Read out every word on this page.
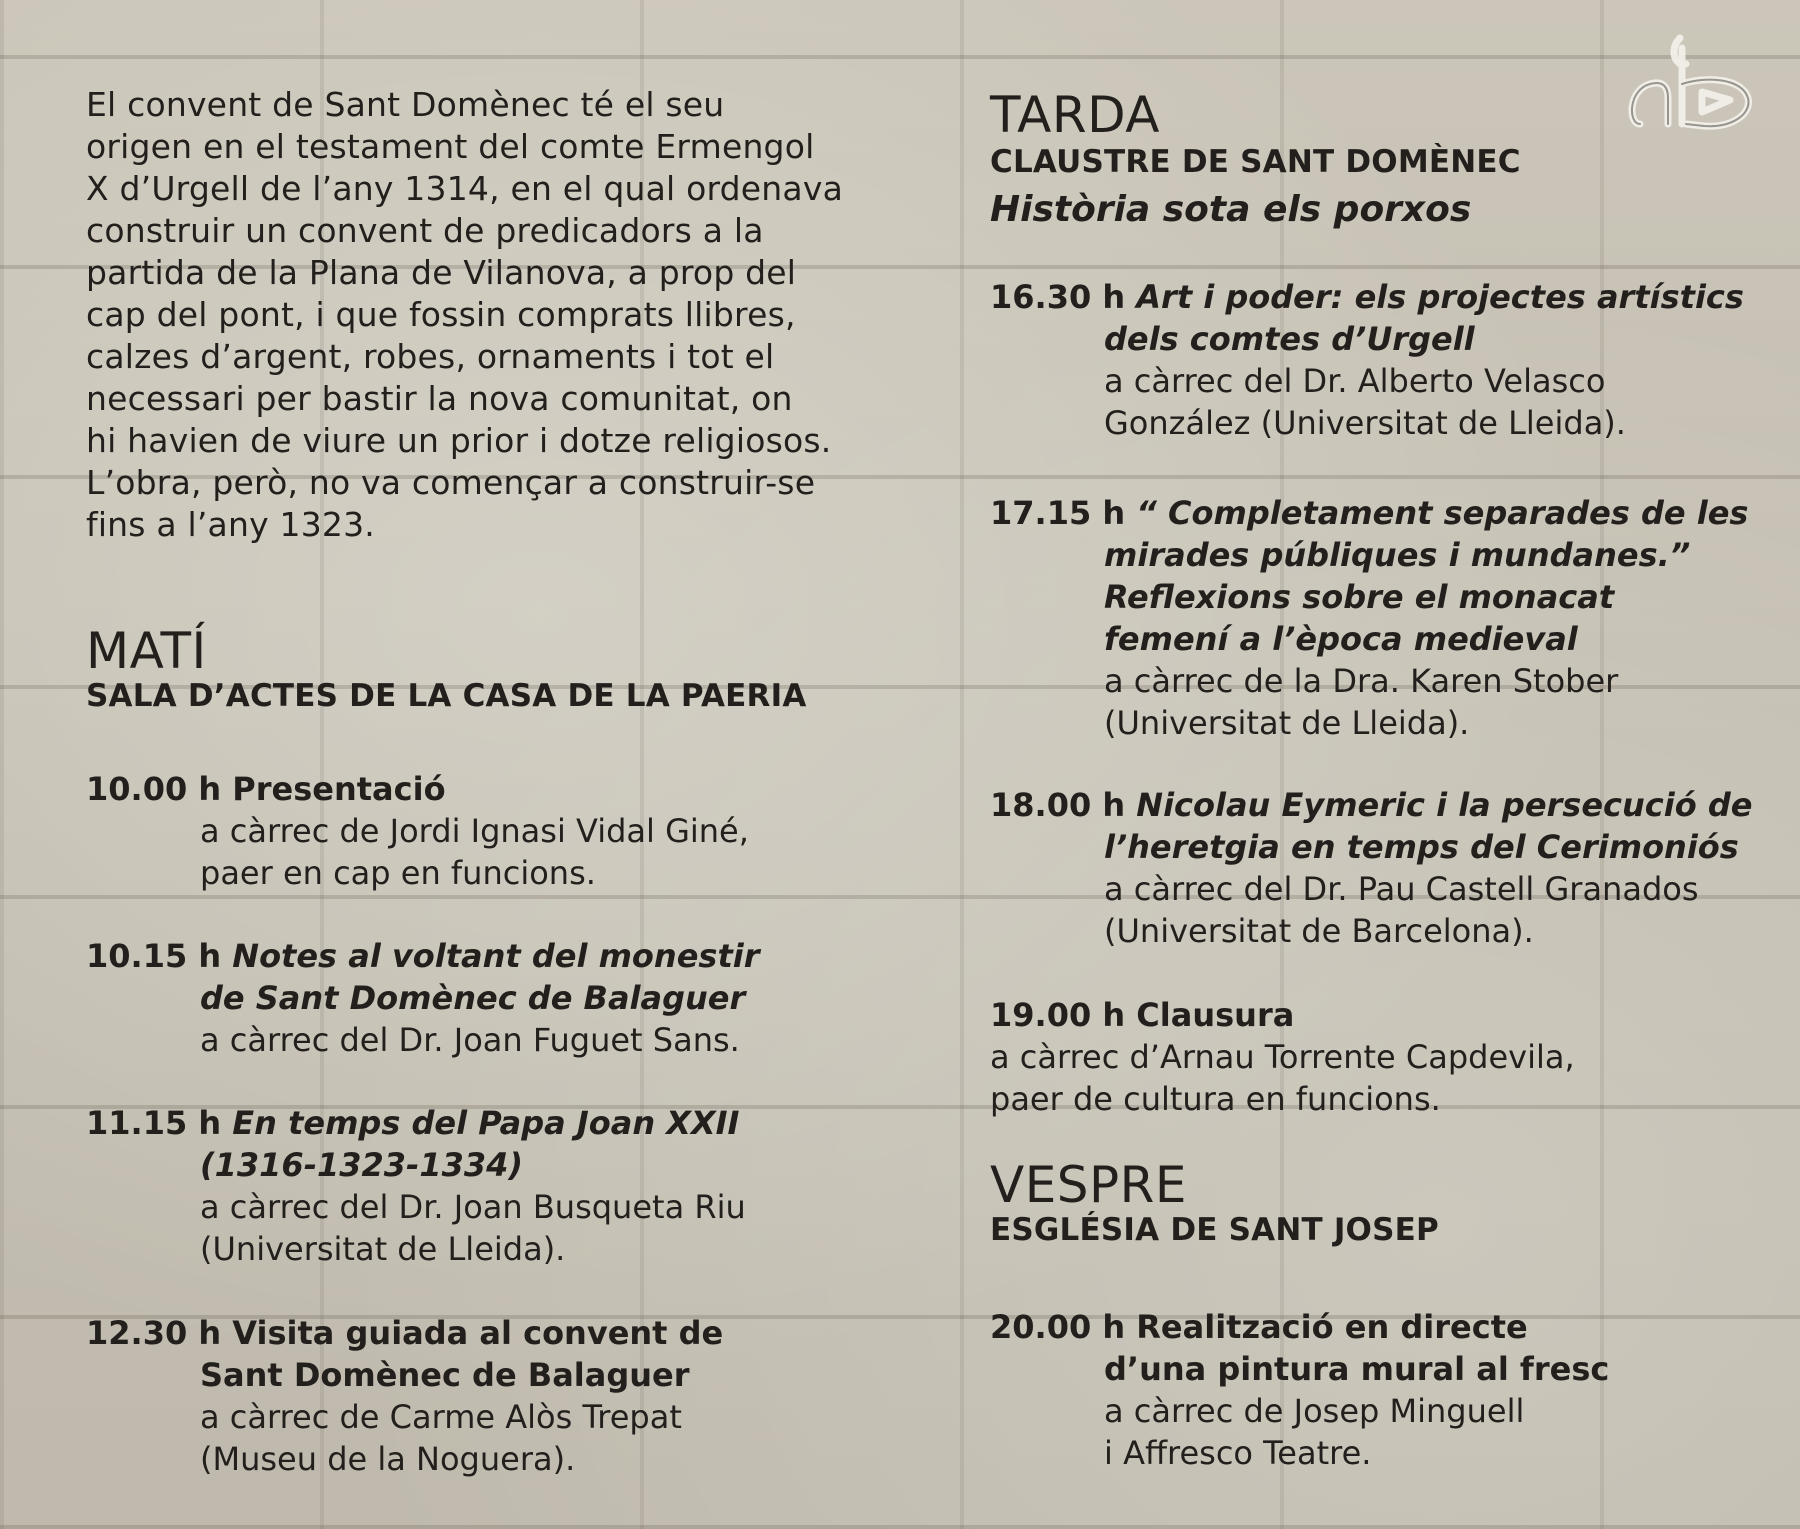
El convent de Sant Domènec té el seu
origen en el testament del comte Ermengol
X d’Urgell de l’any 1314, en el qual ordenava
construir un convent de predicadors a la
partida de la Plana de Vilanova, a prop del
cap del pont, i que fossin comprats llibres,
calzes d’argent, robes, ornaments i tot el
necessari per bastir la nova comunitat, on
hi havien de viure un prior i dotze religiosos.
L’obra, però, no va començar a construir-se
fins a l’any 1323.

MATÍ
SALA D’ACTES DE LA CASA DE LA PAERIA
10.00 h Presentació
a càrrec de Jordi Ignasi Vidal Giné,
paer en cap en funcions.
10.15 h Notes al voltant del monestir
de Sant Domènec de Balaguer
a càrrec del Dr. Joan Fuguet Sans.
11.15 h En temps del Papa Joan XXII
(1316-1323-1334)
a càrrec del Dr. Joan Busqueta Riu
(Universitat de Lleida).
12.30 h Visita guiada al convent de
Sant Domènec de Balaguer
a càrrec de Carme Alòs Trepat
(Museu de la Noguera).
TARDA
CLAUSTRE DE SANT DOMÈNEC
Història sota els porxos
16.30 h Art i poder: els projectes artístics
dels comtes d’Urgell
a càrrec del Dr. Alberto Velasco
González (Universitat de Lleida).
17.15 h “ Completament separades de les
mirades públiques i mundanes.”
Reflexions sobre el monacat
femení a l’època medieval
a càrrec de la Dra. Karen Stober
(Universitat de Lleida).
18.00 h Nicolau Eymeric i la persecució de
l’heretgia en temps del Cerimoniós
a càrrec del Dr. Pau Castell Granados
(Universitat de Barcelona).
19.00 h Clausura
a càrrec d’Arnau Torrente Capdevila,
paer de cultura en funcions.
VESPRE
ESGLÉSIA DE SANT JOSEP
20.00 h Realització en directe
d’una pintura mural al fresc
a càrrec de Josep Minguell
i Affresco Teatre.
